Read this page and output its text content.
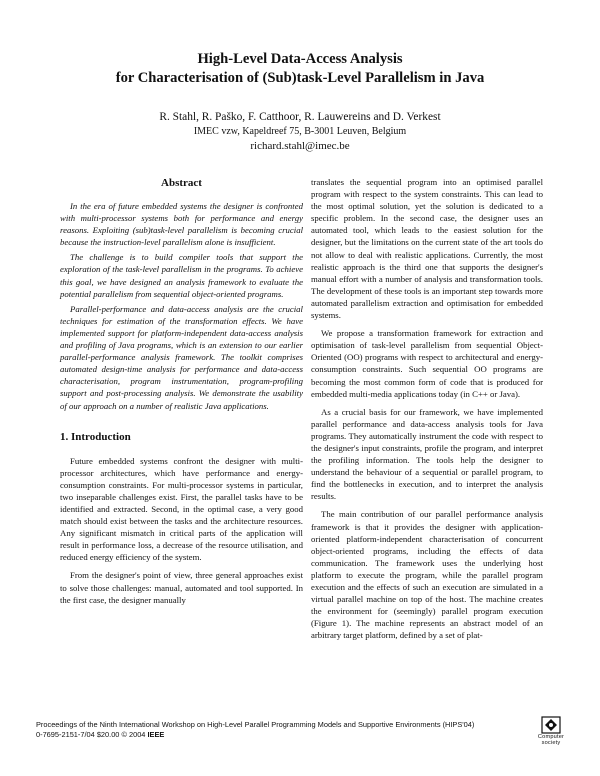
High-Level Data-Access Analysis
for Characterisation of (Sub)task-Level Parallelism in Java
R. Stahl, R. Paško, F. Catthoor, R. Lauwereins and D. Verkest
IMEC vzw, Kapeldreef 75, B-3001 Leuven, Belgium
richard.stahl@imec.be
Abstract

In the era of future embedded systems the designer is confronted with multi-processor systems both for performance and energy reasons. Exploiting (sub)task-level parallelism is becoming crucial because the instruction-level parallelism alone is insufficient.

The challenge is to build compiler tools that support the exploration of the task-level parallelism in the programs. To achieve this goal, we have designed an analysis framework to evaluate the potential parallelism from sequential object-oriented programs.

Parallel-performance and data-access analysis are the crucial techniques for estimation of the transformation effects. We have implemented support for platform-independent data-access analysis and profiling of Java programs, which is an extension to our earlier parallel-performance analysis framework. The toolkit comprises automated design-time analysis for performance and data-access characterisation, program instrumentation, program-profiling support and post-processing analysis. We demonstrate the usability of our approach on a number of realistic Java applications.

1. Introduction

Future embedded systems confront the designer with multi-processor architectures, which have performance and energy-consumption constraints. For multi-processor systems in particular, two inseparable challenges exist. First, the parallel tasks have to be identified and extracted. Second, in the optimal case, a very good match should exist between the tasks and the architecture resources. Any significant mismatch in critical parts of the application will result in performance loss, a decrease of the resource utilisation, and reduced energy efficiency of the system.

From the designer's point of view, three general approaches exist to solve those challenges: manual, automated and tool supported. In the first case, the designer manually

translates the sequential program into an optimised parallel program with respect to the system constraints. This can lead to the most optimal solution, yet the solution is dedicated to a specific problem. In the second case, the designer uses an automated tool, which leads to the easiest solution for the designer, but the limitations on the current state of the art tools do not allow to deal with realistic applications. Currently, the most realistic approach is the third one that supports the designer's manual effort with a number of analysis and transformation tools. The development of these tools is an important step towards more automated parallelism extraction and optimisation for embedded systems.

We propose a transformation framework for extraction and optimisation of task-level parallelism from sequential Object-Oriented (OO) programs with respect to architectural and energy-consumption constraints. Such sequential OO programs are becoming the most common form of code that is produced for embedded multi-media applications today (in C++ or Java).

As a crucial basis for our framework, we have implemented parallel performance and data-access analysis tools for Java programs. They automatically instrument the code with respect to the designer's input constraints, profile the program, and interpret the profiling information. The tools help the designer to understand the behaviour of a sequential or parallel program, to find the bottlenecks in execution, and to interpret the analysis results.

The main contribution of our parallel performance analysis framework is that it provides the designer with application-oriented platform-independent characterisation of concurrent object-oriented programs, including the effects of data communication. The framework uses the underlying host platform to execute the program, while the parallel program execution and the effects of such an execution are simulated in a virtual parallel machine on top of the host. The machine creates the environment for (seemingly) parallel program execution (Figure 1). The machine represents an abstract model of an arbitrary target platform, defined by a set of plat-

Proceedings of the Ninth International Workshop on High-Level Parallel Programming Models and Supportive Environments (HIPS'04)
0-7695-2151-7/04 $20.00 © 2004 IEEE	Computer
society
